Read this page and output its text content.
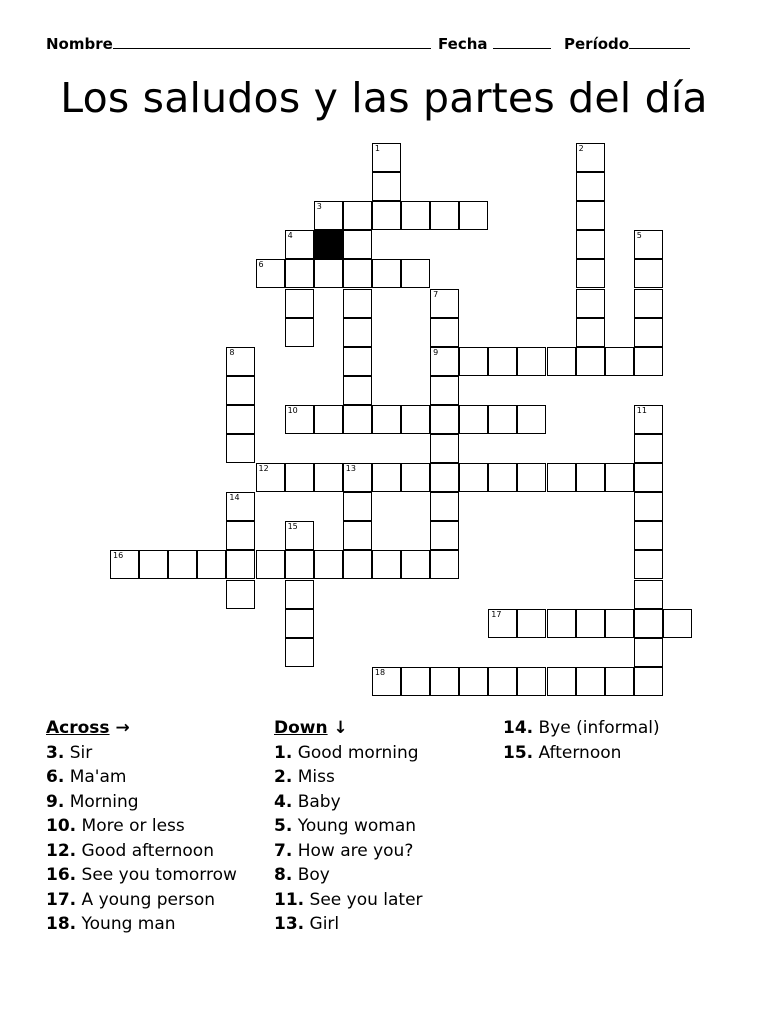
Nombre	Fecha	Período
Los saludos y las partes del día
1	2
3
4	5
6
7
8	9
10	11
12	13
14
15
16
17
18
Across →
3. Sir
6. Ma'am
9. Morning
10. More or less
12. Good afternoon
16. See you tomorrow
17. A young person
18. Young man
Down ↓
1. Good morning
2. Miss
4. Baby
5. Young woman
7. How are you?
8. Boy
11. See you later
13. Girl
14. Bye (informal)
15. Afternoon
